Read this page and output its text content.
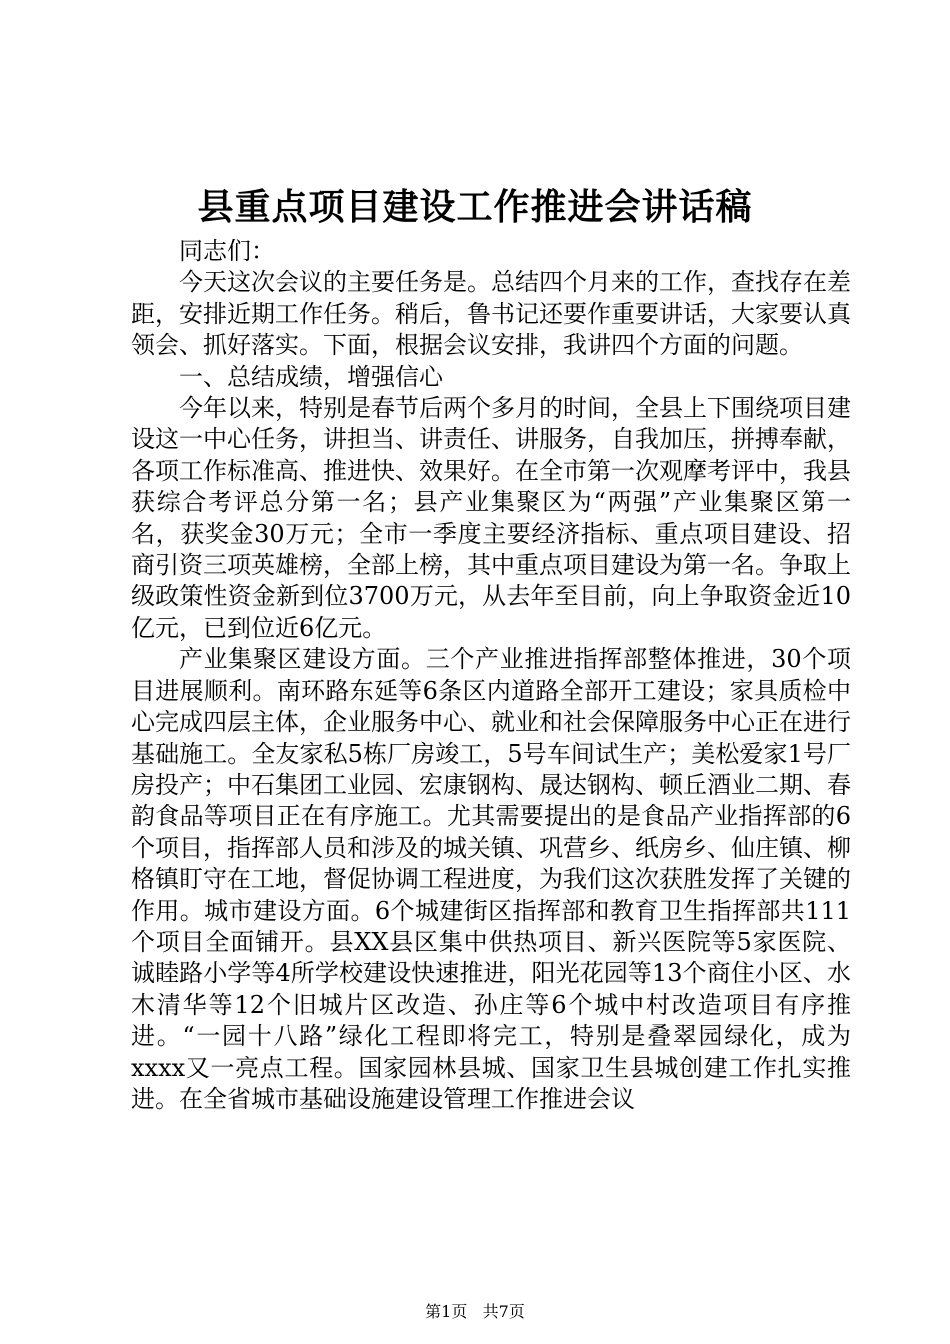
县重点项目建设工作推进会讲话稿

同志们：

今天这次会议的主要任务是。总结四个月来的工作，查找存在差距，安排近期工作任务。稍后，鲁书记还要作重要讲话，大家要认真领会、抓好落实。下面，根据会议安排，我讲四个方面的问题。

一、总结成绩，增强信心

今年以来，特别是春节后两个多月的时间，全县上下围绕项目建设这一中心任务，讲担当、讲责任、讲服务，自我加压，拼搏奉献，各项工作标准高、推进快、效果好。在全市第一次观摩考评中，我县获综合考评总分第一名；县产业集聚区为“两强”产业集聚区第一名，获奖金30万元；全市一季度主要经济指标、重点项目建设、招商引资三项英雄榜，全部上榜，其中重点项目建设为第一名。争取上级政策性资金新到位3700万元，从去年至目前，向上争取资金近10亿元，已到位近6亿元。

产业集聚区建设方面。三个产业推进指挥部整体推进，30个项目进展顺利。南环路东延等6条区内道路全部开工建设；家具质检中心完成四层主体，企业服务中心、就业和社会保障服务中心正在进行基础施工。全友家私5栋厂房竣工，5号车间试生产；美松爱家1号厂房投产；中石集团工业园、宏康钢构、晟达钢构、顿丘酒业二期、春韵食品等项目正在有序施工。尤其需要提出的是食品产业指挥部的6个项目，指挥部人员和涉及的城关镇、巩营乡、纸房乡、仙庄镇、柳格镇盯守在工地，督促协调工程进度，为我们这次获胜发挥了关键的作用。城市建设方面。6个城建街区指挥部和教育卫生指挥部共111个项目全面铺开。县XX县区集中供热项目、新兴医院等5家医院、诚睦路小学等4所学校建设快速推进，阳光花园等13个商住小区、水木清华等12个旧城片区改造、孙庄等6个城中村改造项目有序推进。“一园十八路”绿化工程即将完工，特别是叠翠园绿化，成为xxxx又一亮点工程。国家园林县城、国家卫生县城创建工作扎实推进。在全省城市基础设施建设管理工作推进会议

第1页 共7页
